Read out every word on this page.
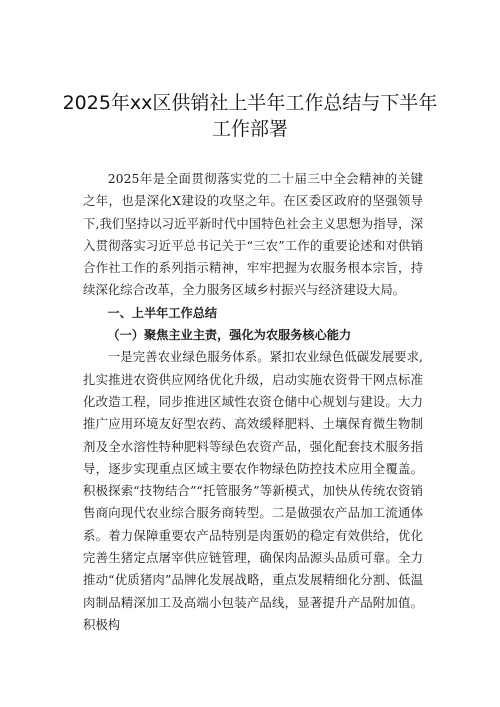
2025年xx区供销社上半年工作总结与下半年
工作部署

2025年是全面贯彻落实党的二十届三中全会精神的关键之年，也是深化X建设的攻坚之年。在区委区政府的坚强领导下,我们坚持以习近平新时代中国特色社会主义思想为指导，深入贯彻落实习近平总书记关于“三农”工作的重要论述和对供销合作社工作的系列指示精神，牢牢把握为农服务根本宗旨，持续深化综合改革，全力服务区域乡村振兴与经济建设大局。

一、上半年工作总结

（一）聚焦主业主责，强化为农服务核心能力

一是完善农业绿色服务体系。紧扣农业绿色低碳发展要求,扎实推进农资供应网络优化升级，启动实施农资骨干网点标准化改造工程，同步推进区域性农资仓储中心规划与建设。大力推广应用环境友好型农药、高效缓释肥料、土壤保育微生物制剂及全水溶性特种肥料等绿色农资产品，强化配套技术服务指导，逐步实现重点区域主要农作物绿色防控技术应用全覆盖。积极探索“技物结合”“托管服务”等新模式，加快从传统农资销售商向现代农业综合服务商转型。二是做强农产品加工流通体系。着力保障重要农产品特别是肉蛋奶的稳定有效供给，优化完善生猪定点屠宰供应链管理，确保肉品源头品质可靠。全力推动“优质猪肉”品牌化发展战略，重点发展精细化分割、低温肉制品精深加工及高端小包装产品线，显著提升产品附加值。积极构
